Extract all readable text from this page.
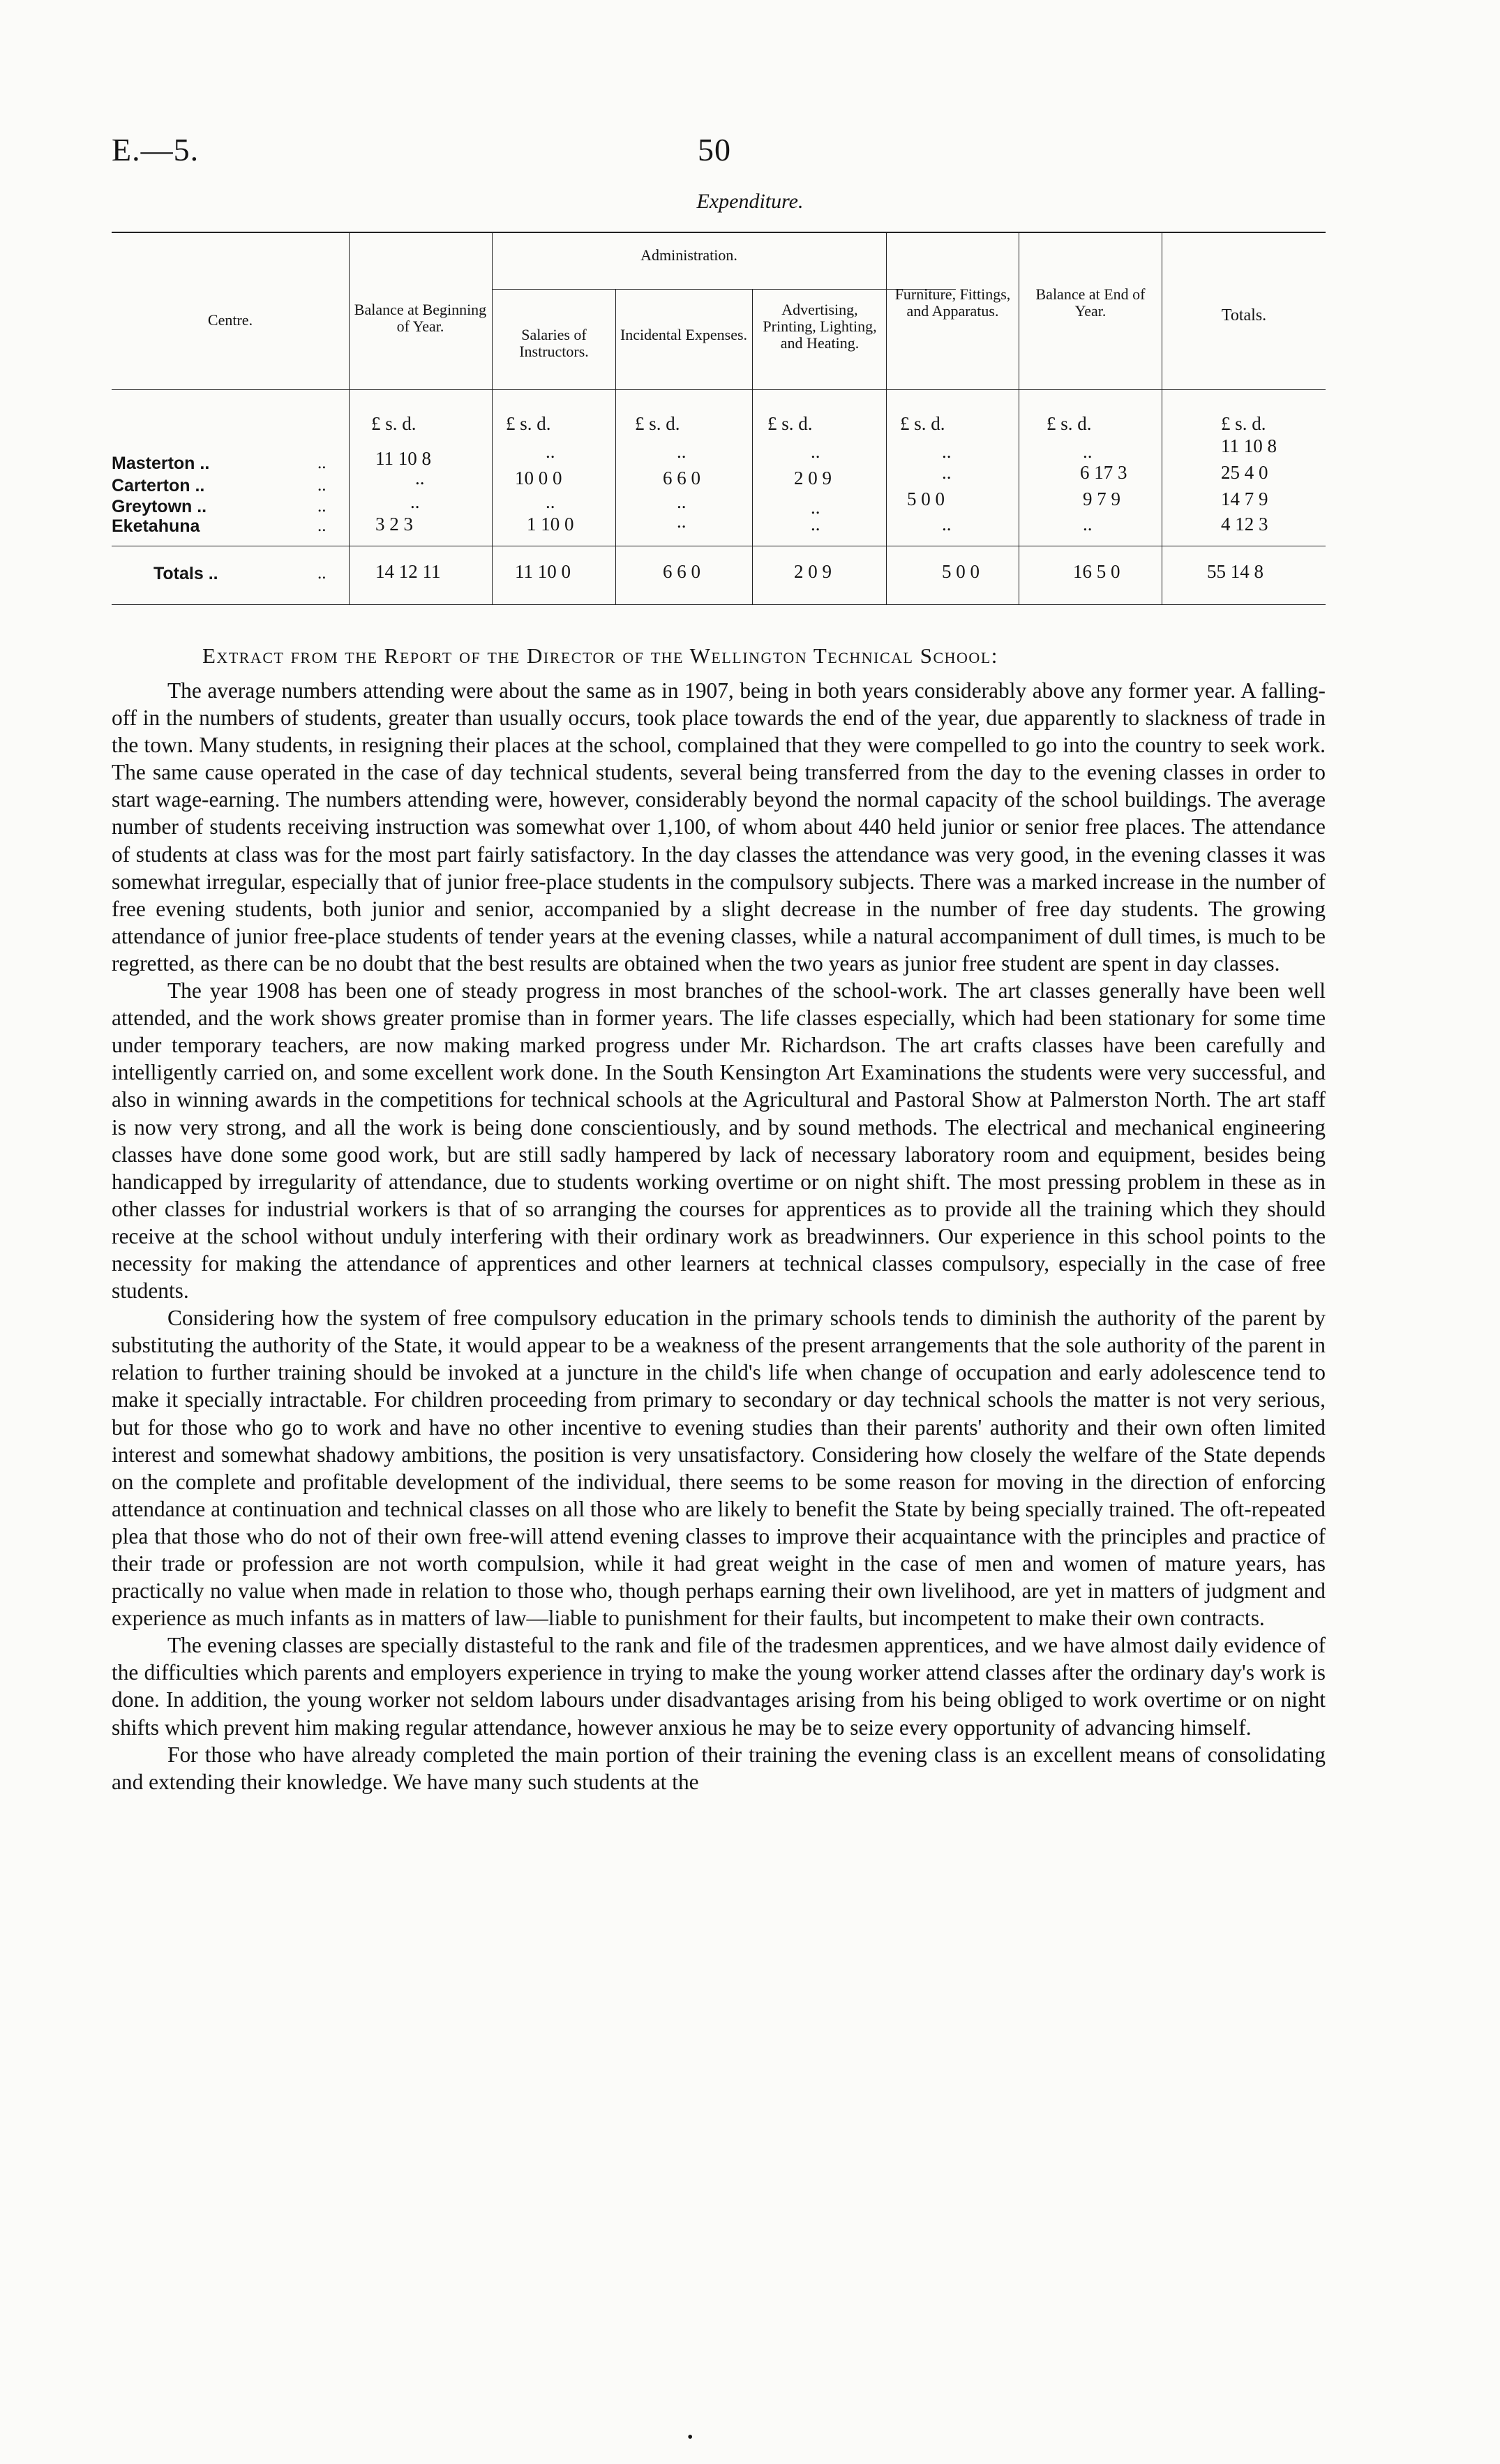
E.—5.	50
Expenditure.
Centre.
Balance at Beginning of Year.
Administration.
Salaries of Instructors.
Incidental Expenses.
Advertising, Printing, Lighting, and Heating.
Furniture, Fittings, and Apparatus.
Balance at End of Year.	Totals.
£ s. d.	£ s. d.	£ s. d.	£ s. d.	£ s. d.	£ s. d.	£ s. d.
Masterton ..	..	11 10 8	..	..	..	..	..	11 10 8
Carterton ..	..	..	10 0 0	6 6 0	2 0 9	..	6 17 3	25 4 0
Greytown ..	..	..	..	..	..	5 0 0	9 7 9	14 7 9
Eketahuna	..	3 2 3	1 10 0	..	..	..	..	4 12 3
Totals ..	..	14 12 11	11 10 0	6 6 0	2 0 9	5 0 0	16 5 0	55 14 8
Extract from the Report of the Director of the Wellington Technical School:

The average numbers attending were about the same as in 1907, being in both years considerably above any former year. A falling-off in the numbers of students, greater than usually occurs, took place towards the end of the year, due apparently to slackness of trade in the town. Many students, in resigning their places at the school, complained that they were compelled to go into the country to seek work. The same cause operated in the case of day technical students, several being transferred from the day to the evening classes in order to start wage-earning. The numbers attending were, however, considerably beyond the normal capacity of the school buildings. The average number of students receiving instruction was somewhat over 1,100, of whom about 440 held junior or senior free places. The attendance of students at class was for the most part fairly satisfactory. In the day classes the attendance was very good, in the evening classes it was somewhat irregular, especially that of junior free-place students in the compulsory subjects. There was a marked increase in the number of free evening students, both junior and senior, accompanied by a slight decrease in the number of free day students. The growing attendance of junior free-place students of tender years at the evening classes, while a natural accompaniment of dull times, is much to be regretted, as there can be no doubt that the best results are obtained when the two years as junior free student are spent in day classes.

The year 1908 has been one of steady progress in most branches of the school-work. The art classes generally have been well attended, and the work shows greater promise than in former years. The life classes especially, which had been stationary for some time under temporary teachers, are now making marked progress under Mr. Richardson. The art crafts classes have been carefully and intelligently carried on, and some excellent work done. In the South Kensington Art Examinations the students were very successful, and also in winning awards in the competitions for technical schools at the Agricultural and Pastoral Show at Palmerston North. The art staff is now very strong, and all the work is being done conscientiously, and by sound methods. The electrical and mechanical engineering classes have done some good work, but are still sadly hampered by lack of necessary laboratory room and equipment, besides being handicapped by irregularity of attendance, due to students working overtime or on night shift. The most pressing problem in these as in other classes for industrial workers is that of so arranging the courses for apprentices as to provide all the training which they should receive at the school without unduly interfering with their ordinary work as breadwinners. Our experience in this school points to the necessity for making the attendance of apprentices and other learners at technical classes compulsory, especially in the case of free students.

Considering how the system of free compulsory education in the primary schools tends to diminish the authority of the parent by substituting the authority of the State, it would appear to be a weakness of the present arrangements that the sole authority of the parent in relation to further training should be invoked at a juncture in the child's life when change of occupation and early adolescence tend to make it specially intractable. For children proceeding from primary to secondary or day technical schools the matter is not very serious, but for those who go to work and have no other incentive to evening studies than their parents' authority and their own often limited interest and somewhat shadowy ambitions, the position is very unsatisfactory. Considering how closely the welfare of the State depends on the complete and profitable development of the individual, there seems to be some reason for moving in the direction of enforcing attendance at continuation and technical classes on all those who are likely to benefit the State by being specially trained. The oft-repeated plea that those who do not of their own free-will attend evening classes to improve their acquaintance with the principles and practice of their trade or profession are not worth compulsion, while it had great weight in the case of men and women of mature years, has practically no value when made in relation to those who, though perhaps earning their own livelihood, are yet in matters of judgment and experience as much infants as in matters of law—liable to punishment for their faults, but incompetent to make their own contracts.

The evening classes are specially distasteful to the rank and file of the tradesmen apprentices, and we have almost daily evidence of the difficulties which parents and employers experience in trying to make the young worker attend classes after the ordinary day's work is done. In addition, the young worker not seldom labours under disadvantages arising from his being obliged to work overtime or on night shifts which prevent him making regular attendance, however anxious he may be to seize every opportunity of advancing himself.

For those who have already completed the main portion of their training the evening class is an excellent means of consolidating and extending their knowledge. We have many such students at the

•
